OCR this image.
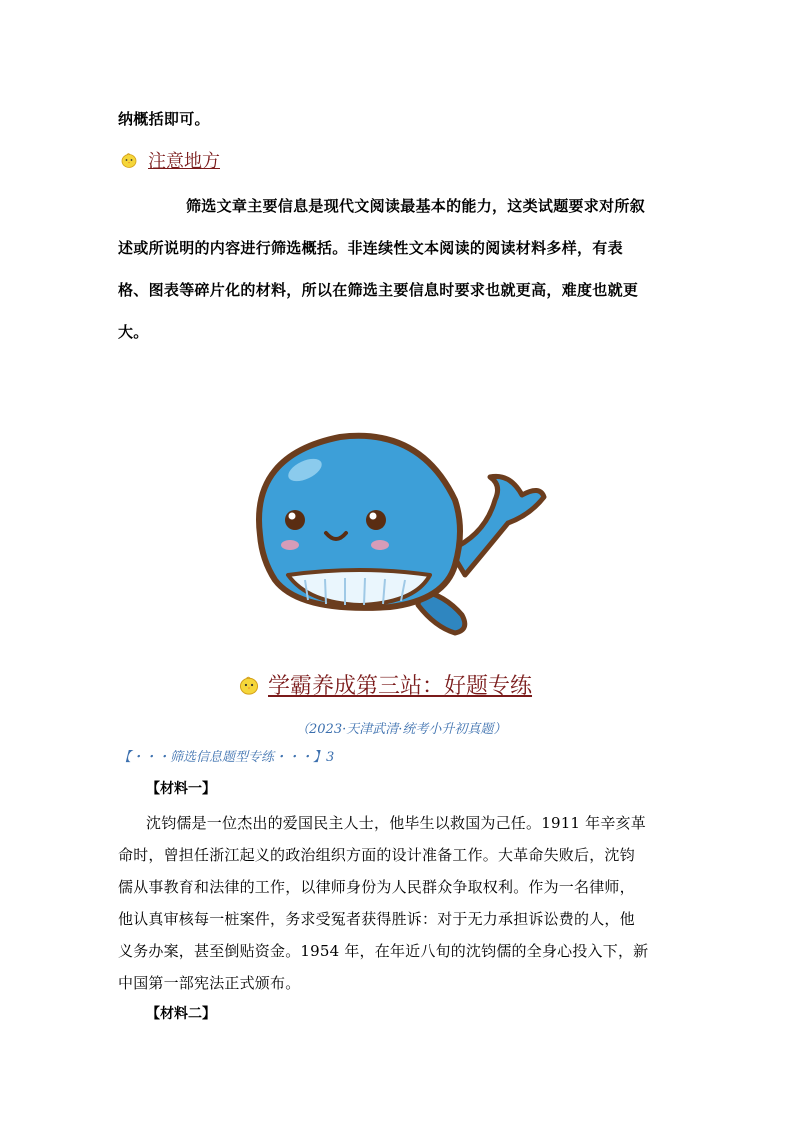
纳概括即可。
注意地方
筛选文章主要信息是现代文阅读最基本的能力，这类试题要求对所叙
述或所说明的内容进行筛选概括。非连续性文本阅读的阅读材料多样，有表
格、图表等碎片化的材料，所以在筛选主要信息时要求也就更高，难度也就更
大。
学霸养成第三站：好题专练
（2023·天津武清·统考小升初真题）
【・・・筛选信息题型专练・・・】3
【材料一】
沈钧儒是一位杰出的爱国民主人士，他毕生以救国为己任。1911 年辛亥革
命时，曾担任浙江起义的政治组织方面的设计准备工作。大革命失败后，沈钧
儒从事教育和法律的工作，以律师身份为人民群众争取权利。作为一名律师，
他认真审核每一桩案件，务求受冤者获得胜诉：对于无力承担诉讼费的人，他
义务办案，甚至倒贴资金。1954 年，在年近八旬的沈钧儒的全身心投入下，新
中国第一部宪法正式颁布。
【材料二】
